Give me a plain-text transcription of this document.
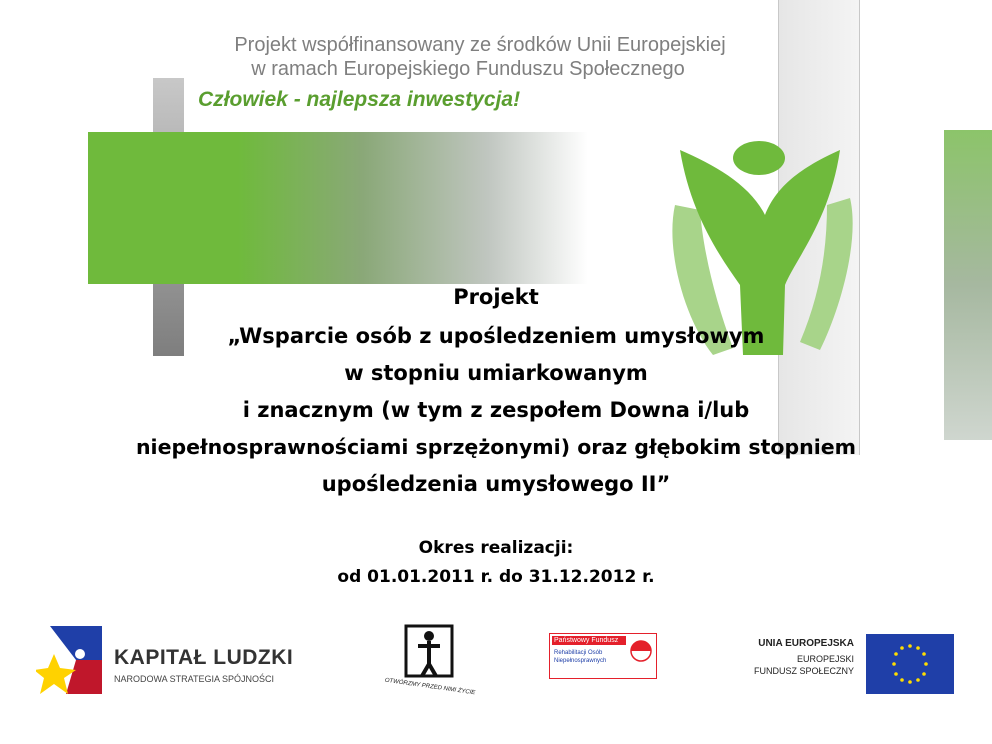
Projekt współfinansowany ze środków Unii Europejskiej
w ramach Europejskiego Funduszu Społecznego
Człowiek - najlepsza inwestycja!
Projekt
„Wsparcie osób z upośledzeniem umysłowym
w stopniu umiarkowanym
i znacznym (w tym z zespołem Downa i/lub
niepełnosprawnościami sprzężonymi) oraz głębokim stopniem
upośledzenia umysłowego II”
Okres realizacji:
od 01.01.2011 r. do 31.12.2012 r.
KAPITAŁ LUDZKI
NARODOWA STRATEGIA SPÓJNOŚCI	OTWÓRZMY PRZED NIMI ŻYCIE
Państwowy Fundusz
Rehabilitacji Osób
Niepełnosprawnych
UNIA EUROPEJSKA
EUROPEJSKI
FUNDUSZ SPOŁECZNY
